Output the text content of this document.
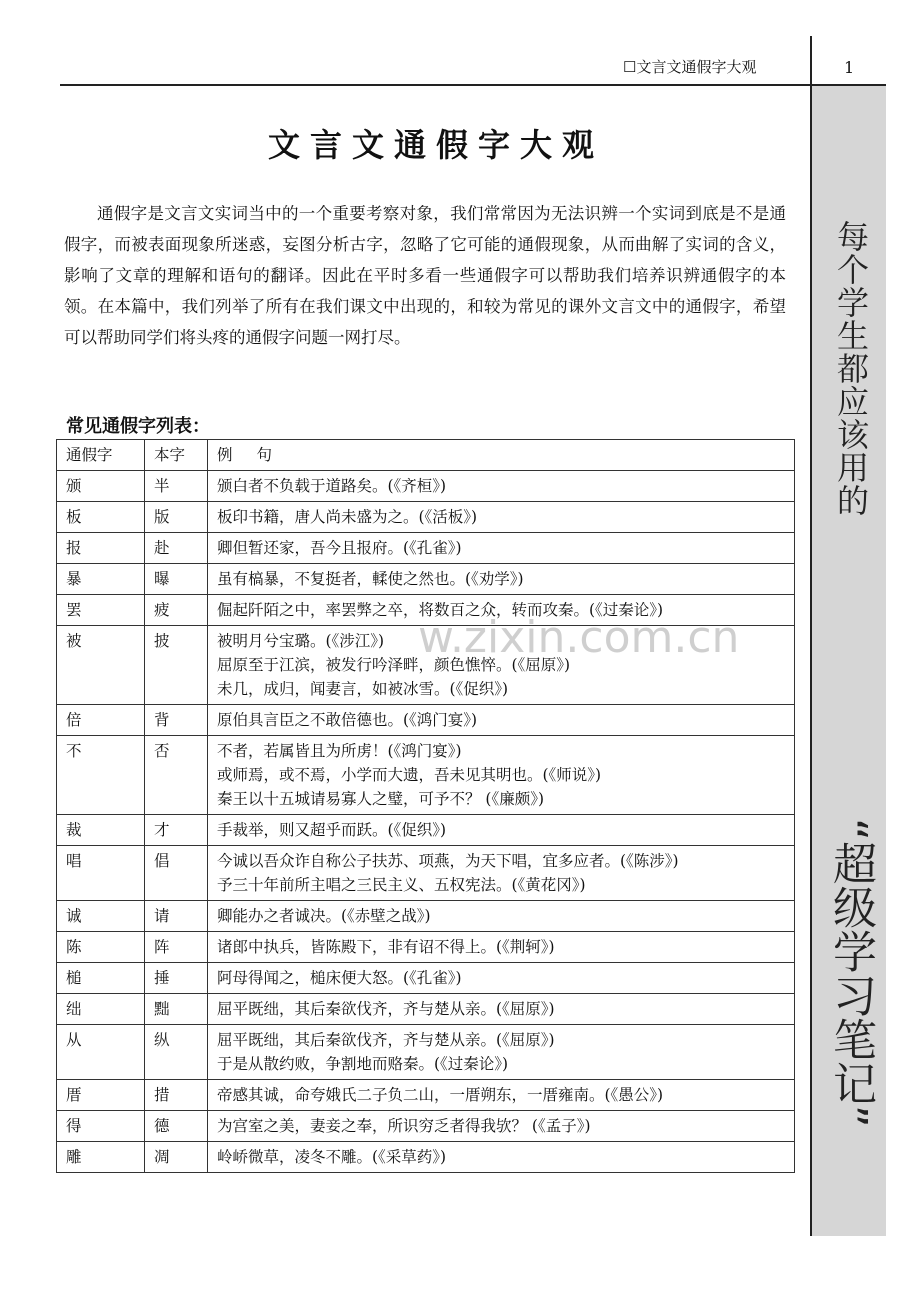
☐文言文通假字大观	1
每个学生都应该用的
“超级学习笔记”
文言文通假字大观

通假字是文言文实词当中的一个重要考察对象，我们常常因为无法识辨一个实词到底是不是通假字，而被表面现象所迷惑，妄图分析古字，忽略了它可能的通假现象，从而曲解了实词的含义，影响了文章的理解和语句的翻译。因此在平时多看一些通假字可以帮助我们培养识辨通假字的本领。在本篇中，我们列举了所有在我们课文中出现的，和较为常见的课外文言文中的通假字，希望可以帮助同学们将头疼的通假字问题一网打尽。

常见通假字列表：
通假字	本字	例句
颁	半	颁白者不负载于道路矣。(《齐桓》)

板	版	板印书籍，唐人尚未盛为之。(《活板》)

报	赴	卿但暂还家，吾今且报府。(《孔雀》)

暴	曝	虽有槁暴，不复挺者，輮使之然也。(《劝学》)

罢	疲	倔起阡陌之中，率罢弊之卒，将数百之众，转而攻秦。(《过秦论》)

被	披	被明月兮宝璐。(《涉江》)
屈原至于江滨，被发行吟泽畔，颜色憔悴。(《屈原》)
未几，成归，闻妻言，如被冰雪。(《促织》)

倍	背	原伯具言臣之不敢倍德也。(《鸿门宴》)

不	否	不者，若属皆且为所虏！(《鸿门宴》)
或师焉，或不焉，小学而大遗，吾未见其明也。(《师说》)
秦王以十五城请易寡人之璧，可予不？ (《廉颇》)

裁	才	手裁举，则又超乎而跃。(《促织》)

唱	倡	今诚以吾众诈自称公子扶苏、项燕，为天下唱，宜多应者。(《陈涉》)
予三十年前所主唱之三民主义、五权宪法。(《黄花冈》)

诚	请	卿能办之者诚决。(《赤壁之战》)

陈	阵	诸郎中执兵，皆陈殿下，非有诏不得上。(《荆轲》)

槌	捶	阿母得闻之，槌床便大怒。(《孔雀》)

绌	黜	屈平既绌，其后秦欲伐齐，齐与楚从亲。(《屈原》)

从	纵	屈平既绌，其后秦欲伐齐，齐与楚从亲。(《屈原》)
于是从散约败，争割地而赂秦。(《过秦论》)

厝	措	帝感其诚，命夸娥氏二子负二山，一厝朔东，一厝雍南。(《愚公》)

得	德	为宫室之美，妻妾之奉，所识穷乏者得我欤？ (《孟子》)

雕	凋	岭峤微草，凌冬不雕。(《采草药》)
w.zixin.com.cn
